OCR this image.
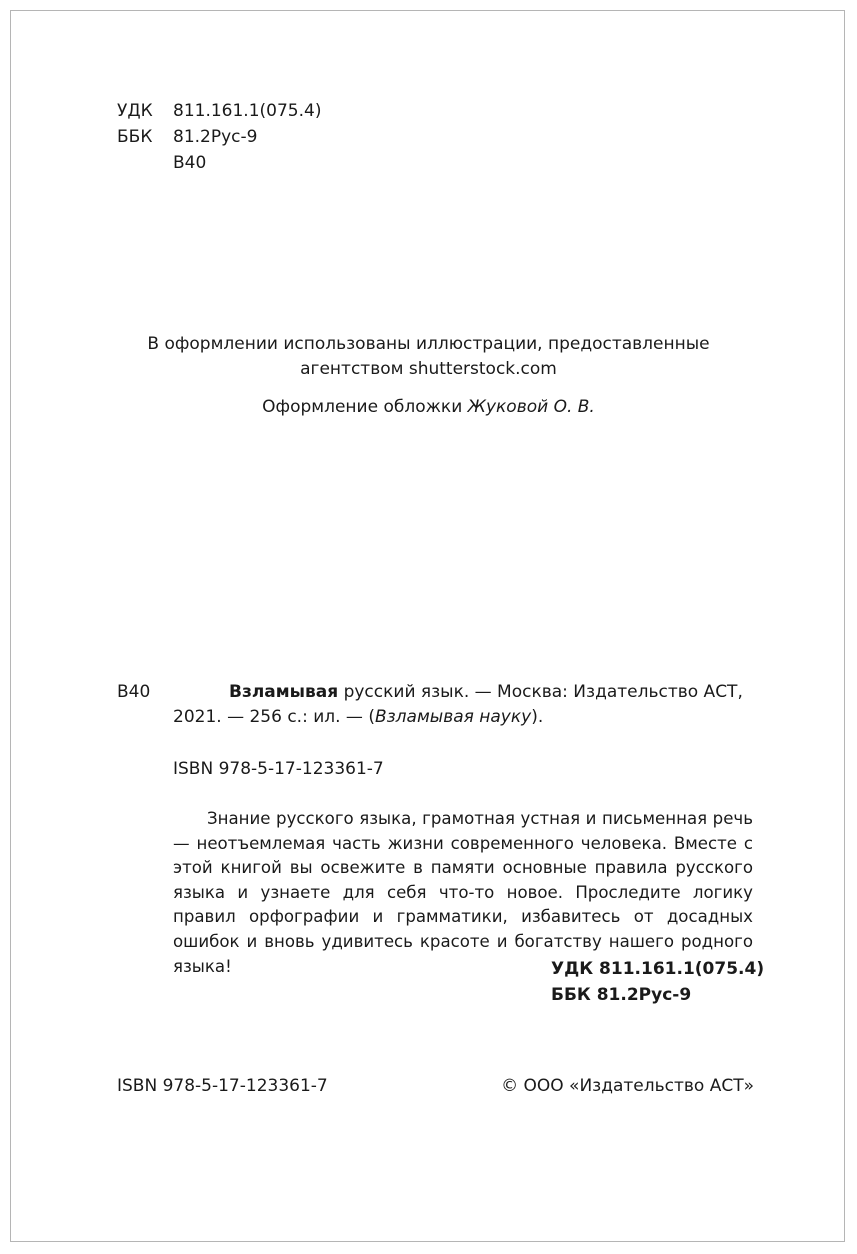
УДК 811.161.1(075.4)
ББК 81.2Рус-9
В40
В оформлении использованы иллюстрации, предоставленные
агентством shutterstock.com
Оформление обложки Жуковой О. В.
В40	Взламывая русский язык. — Москва: Издательство АСТ,
2021. — 256 с.: ил. — (Взламывая науку).
ISBN 978-5-17-123361-7
Знание русского языка, грамотная устная и письменная речь — неотъемлемая часть жизни современного человека. Вместе с этой книгой вы освежите в памяти основные правила русского языка и узнаете для себя что-то новое. Проследите логику правил орфографии и грамматики, избавитесь от досадных ошибок и вновь удивитесь красоте и богатству нашего родного языка!	УДК 811.161.1(075.4)
ББК 81.2Рус-9
ISBN 978-5-17-123361-7	© ООО «Издательство АСТ»
